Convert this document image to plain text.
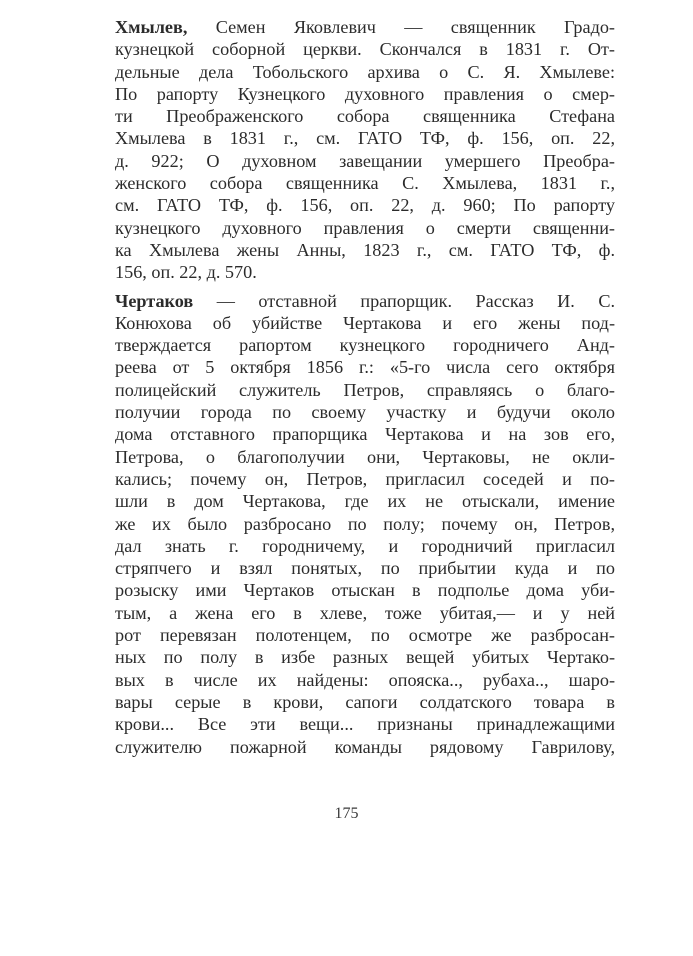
Хмылев, Семен Яковлевич — священник Градо-
кузнецкой соборной церкви. Скончался в 1831 г. От-
дельные дела Тобольского архива о С. Я. Хмылеве:
По рапорту Кузнецкого духовного правления о смер-
ти Преображенского собора священника Стефана
Хмылева в 1831 г., см. ГАТО ТФ, ф. 156, оп. 22,
д. 922; О духовном завещании умершего Преобра-
женского собора священника С. Хмылева, 1831 г.,
см. ГАТО ТФ, ф. 156, оп. 22, д. 960; По рапорту
кузнецкого духовного правления о смерти священни-
ка Хмылева жены Анны, 1823 г., см. ГАТО ТФ, ф.
156, оп. 22, д. 570.
Чертаков — отставной прапорщик. Рассказ И. С.
Конюхова об убийстве Чертакова и его жены под-
тверждается рапортом кузнецкого городничего Анд-
реева от 5 октября 1856 г.: «5-го числа сего октября
полицейский служитель Петров, справляясь о благо-
получии города по своему участку и будучи около
дома отставного прапорщика Чертакова и на зов его,
Петрова, о благополучии они, Чертаковы, не окли-
кались; почему он, Петров, пригласил соседей и по-
шли в дом Чертакова, где их не отыскали, имение
же их было разбросано по полу; почему он, Петров,
дал знать г. городничему, и городничий пригласил
стряпчего и взял понятых, по прибытии куда и по
розыску ими Чертаков отыскан в подполье дома уби-
тым, а жена его в хлеве, тоже убитая,— и у ней
рот перевязан полотенцем, по осмотре же разбросан-
ных по полу в избе разных вещей убитых Чертако-
вых в числе их найдены: опояска.., рубаха.., шаро-
вары серые в крови, сапоги солдатского товара в
крови... Все эти вещи... признаны принадлежащими
служителю пожарной команды рядовому Гаврилову,
175
